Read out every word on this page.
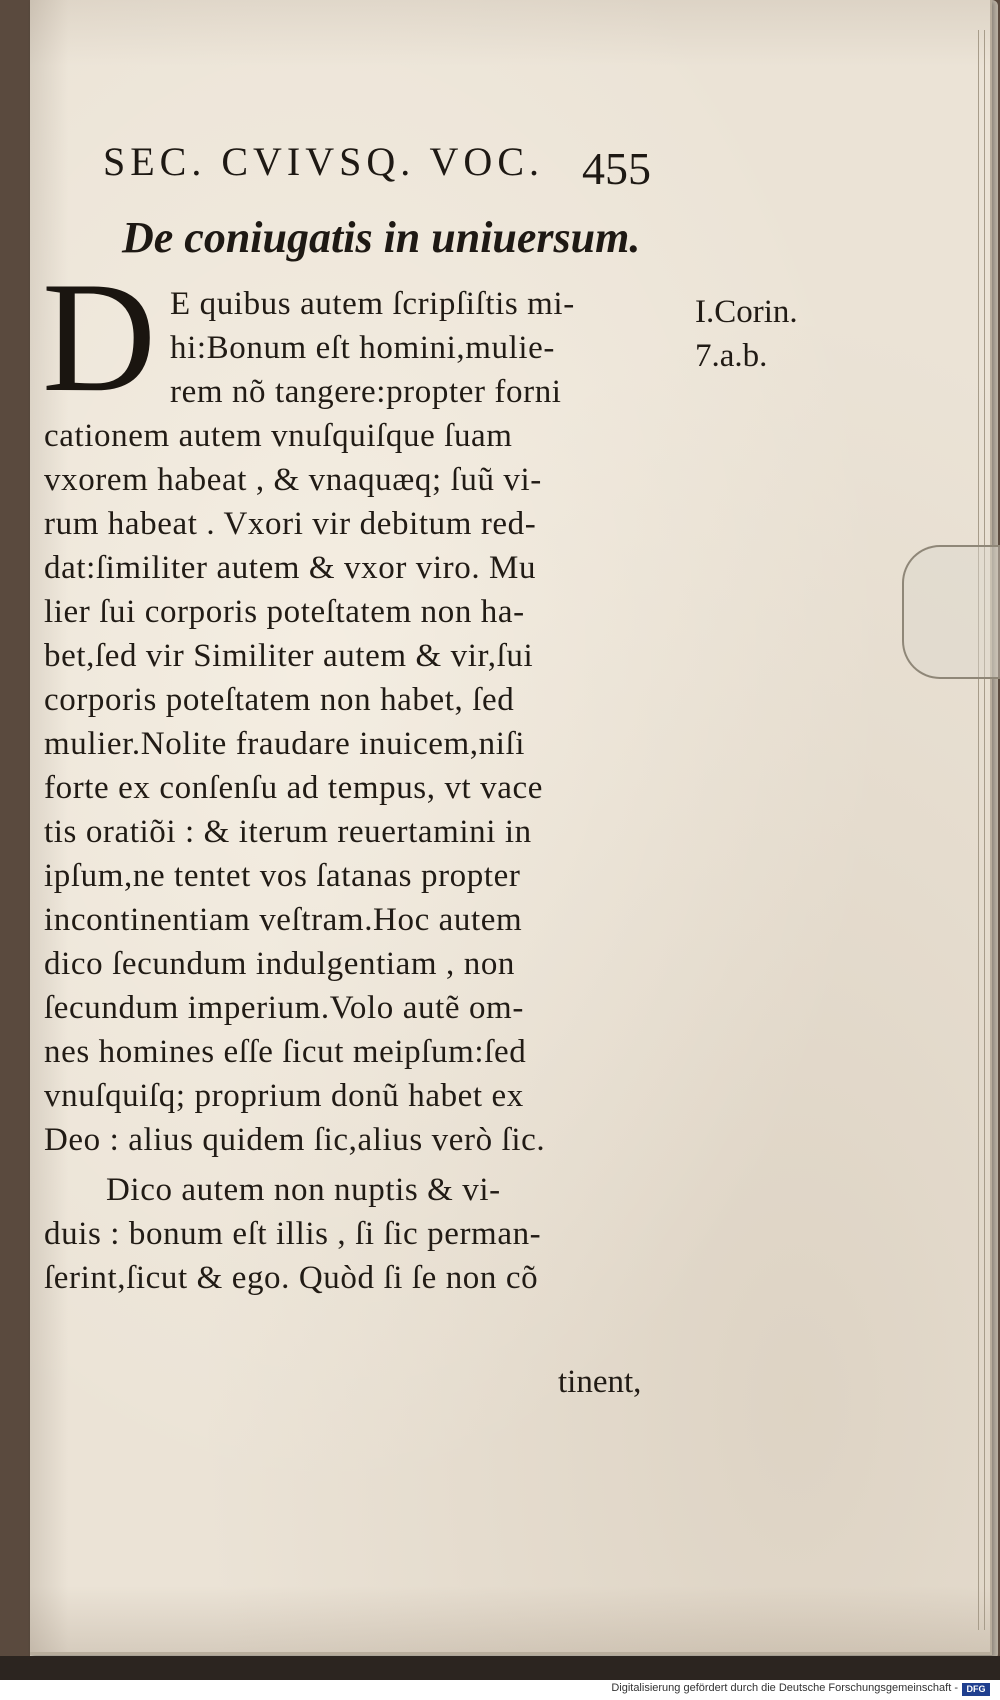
SEC. CVIVSQ. VOC. 455
De coniugatis in uniuersum.
D E quibus autem ſcripſiſtis mi-
hi:Bonum eſt homini,mulie-
rem nõ tangere:propter forni
cationem autem vnuſquiſque ſuam
vxorem habeat , & vnaquæq; ſuũ vi-
rum habeat . Vxori vir debitum red-
dat:ſimiliter autem & vxor viro. Mu
lier ſui corporis poteſtatem non ha-
bet,ſed vir Similiter autem & vir,ſui
corporis poteſtatem non habet, ſed
mulier.Nolite fraudare inuicem,niſi
forte ex conſenſu ad tempus, vt vace
tis oratiõi : & iterum reuertamini in
ipſum,ne tentet vos ſatanas propter
incontinentiam veſtram.Hoc autem
dico ſecundum indulgentiam , non
ſecundum imperium.Volo autẽ om-
nes homines eſſe ſicut meipſum:ſed
vnuſquiſq; proprium donũ habet ex
Deo : alius quidem ſic,alius verò ſic.
Dico autem non nuptis & vi-
duis : bonum eſt illis , ſi ſic perman-
ſerint,ſicut & ego. Quòd ſi ſe non cõ
tinent,
I.Corin.
7.a.b.
Digitalisierung gefördert durch die Deutsche Forschungsgemeinschaft - DFG
